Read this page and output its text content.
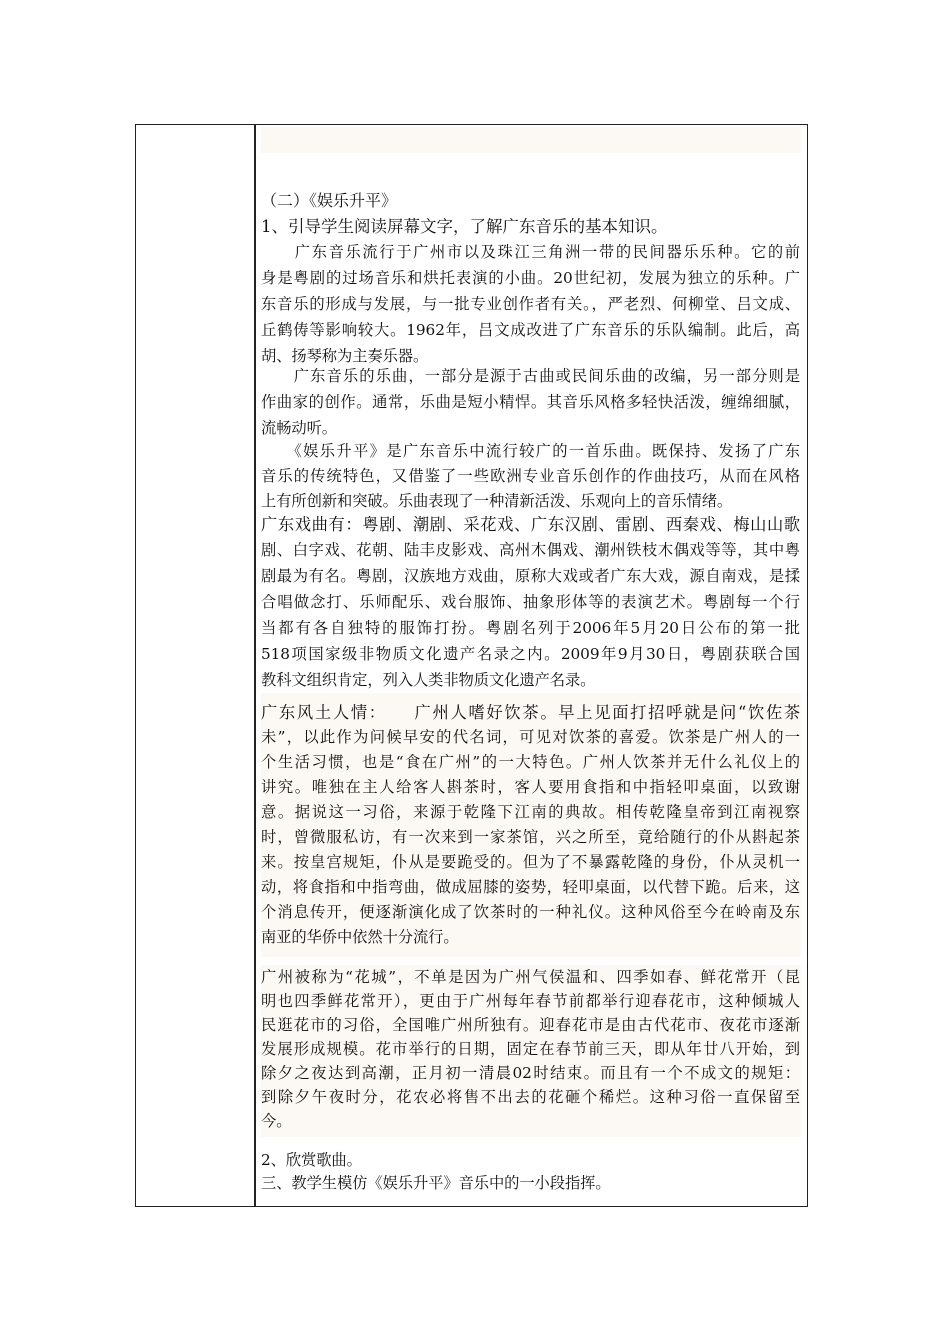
（二）《娱乐升平》
1、引导学生阅读屏幕文字，了解广东音乐的基本知识。
　　广东音乐流行于广州市以及珠江三角洲一带的民间器乐乐种。它的前
身是粤剧的过场音乐和烘托表演的小曲。20世纪初，发展为独立的乐种。广
东音乐的形成与发展，与一批专业创作者有关。，严老烈、何柳堂、吕文成、
丘鹤俦等影响较大。1962年，吕文成改进了广东音乐的乐队编制。此后，高
胡、扬琴称为主奏乐器。
　　广东音乐的乐曲，一部分是源于古曲或民间乐曲的改编，另一部分则是
作曲家的创作。通常，乐曲是短小精悍。其音乐风格多轻快活泼，缠绵细腻，
流畅动听。
　　《娱乐升平》是广东音乐中流行较广的一首乐曲。既保持、发扬了广东
音乐的传统特色，又借鉴了一些欧洲专业音乐创作的作曲技巧，从而在风格
上有所创新和突破。乐曲表现了一种清新活泼、乐观向上的音乐情绪。
广东戏曲有：粤剧、潮剧、采花戏、广东汉剧、雷剧、西秦戏、梅山山歌
剧、白字戏、花朝、陆丰皮影戏、高州木偶戏、潮州铁枝木偶戏等等，其中粤
剧最为有名。粤剧，汉族地方戏曲，原称大戏或者广东大戏，源自南戏，是揉
合唱做念打、乐师配乐、戏台服饰、抽象形体等的表演艺术。粤剧每一个行
当都有各自独特的服饰打扮。粤剧名列于2006年5月20日公布的第一批
518项国家级非物质文化遗产名录之内。2009年9月30日，粤剧获联合国
教科文组织肯定，列入人类非物质文化遗产名录。
广东风土人情：　　广州人嗜好饮茶。早上见面打招呼就是问“饮佐茶
未”，以此作为问候早安的代名词，可见对饮茶的喜爱。饮茶是广州人的一
个生活习惯，也是“食在广州”的一大特色。广州人饮茶并无什么礼仪上的
讲究。唯独在主人给客人斟茶时，客人要用食指和中指轻叩桌面，以致谢
意。据说这一习俗，来源于乾隆下江南的典故。相传乾隆皇帝到江南视察
时，曾微服私访，有一次来到一家茶馆，兴之所至，竟给随行的仆从斟起茶
来。按皇宫规矩，仆从是要跪受的。但为了不暴露乾隆的身份，仆从灵机一
动，将食指和中指弯曲，做成屈膝的姿势，轻叩桌面，以代替下跪。后来，这
个消息传开，便逐渐演化成了饮茶时的一种礼仪。这种风俗至今在岭南及东
南亚的华侨中依然十分流行。
广州被称为“花城”，不单是因为广州气侯温和、四季如春、鲜花常开（昆
明也四季鲜花常开），更由于广州每年春节前都举行迎春花市，这种倾城人
民逛花市的习俗，全国唯广州所独有。迎春花市是由古代花市、夜花市逐渐
发展形成规模。花市举行的日期，固定在春节前三天，即从年廿八开始，到
除夕之夜达到高潮，正月初一清晨02时结束。而且有一个不成文的规矩：
到除夕午夜时分，花农必将售不出去的花砸个稀烂。这种习俗一直保留至
今。
2、欣赏歌曲。
三、教学生模仿《娱乐升平》音乐中的一小段指挥。
